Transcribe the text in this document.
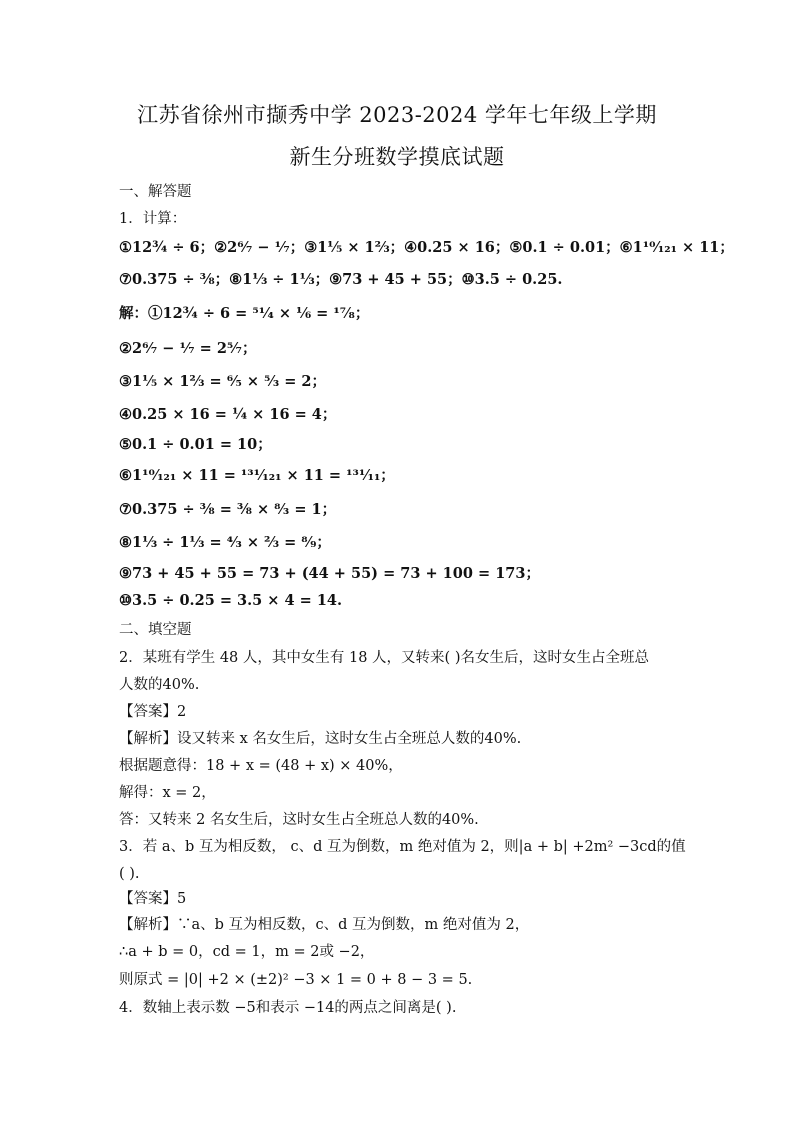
江苏省徐州市撷秀中学 2023-2024 学年七年级上学期
新生分班数学摸底试题
一、解答题
1．计算：
①12¾ ÷ 6；②2⁶⁄₇ − ¹⁄₇；③1⅕ × 1⅔；④0.25 × 16；⑤0.1 ÷ 0.01；⑥1¹⁰⁄₁₂₁ × 11；
⑦0.375 ÷ ⅜；⑧1⅓ ÷ 1⅓；⑨73 + 45 + 55；⑩3.5 ÷ 0.25.
解：①12¾ ÷ 6 = ⁵¹⁄₄ × ⅙ = ¹⁷⁄₈；
②2⁶⁄₇ − ¹⁄₇ = 2⁵⁄₇；
③1⅕ × 1⅔ = ⁶⁄₅ × ⁵⁄₃ = 2；
④0.25 × 16 = ¼ × 16 = 4；
⑤0.1 ÷ 0.01 = 10；
⑥1¹⁰⁄₁₂₁ × 11 = ¹³¹⁄₁₂₁ × 11 = ¹³¹⁄₁₁；
⑦0.375 ÷ ⅜ = ⅜ × ⁸⁄₃ = 1；
⑧1⅓ ÷ 1⅓ = ⁴⁄₃ × ⅔ = ⁸⁄₉；
⑨73 + 45 + 55 = 73 + (44 + 55) = 73 + 100 = 173；
⑩3.5 ÷ 0.25 = 3.5 × 4 = 14.
二、填空题
2．某班有学生 48 人，其中女生有 18 人，又转来( )名女生后，这时女生占全班总
人数的40%.
【答案】2
【解析】设又转来 x 名女生后，这时女生占全班总人数的40%.
根据题意得：18 + x = (48 + x) × 40%，
解得：x = 2，
答：又转来 2 名女生后，这时女生占全班总人数的40%.
3．若 a、b 互为相反数， c、d 互为倒数，m 绝对值为 2，则|a + b| +2m² −3cd的值
( ).
【答案】5
【解析】∵a、b 互为相反数，c、d 互为倒数，m 绝对值为 2，
∴a + b = 0，cd = 1，m = 2或 −2，
则原式 = |0| +2 × (±2)² −3 × 1 = 0 + 8 − 3 = 5.
4．数轴上表示数 −5和表示 −14的两点之间离是( ).
